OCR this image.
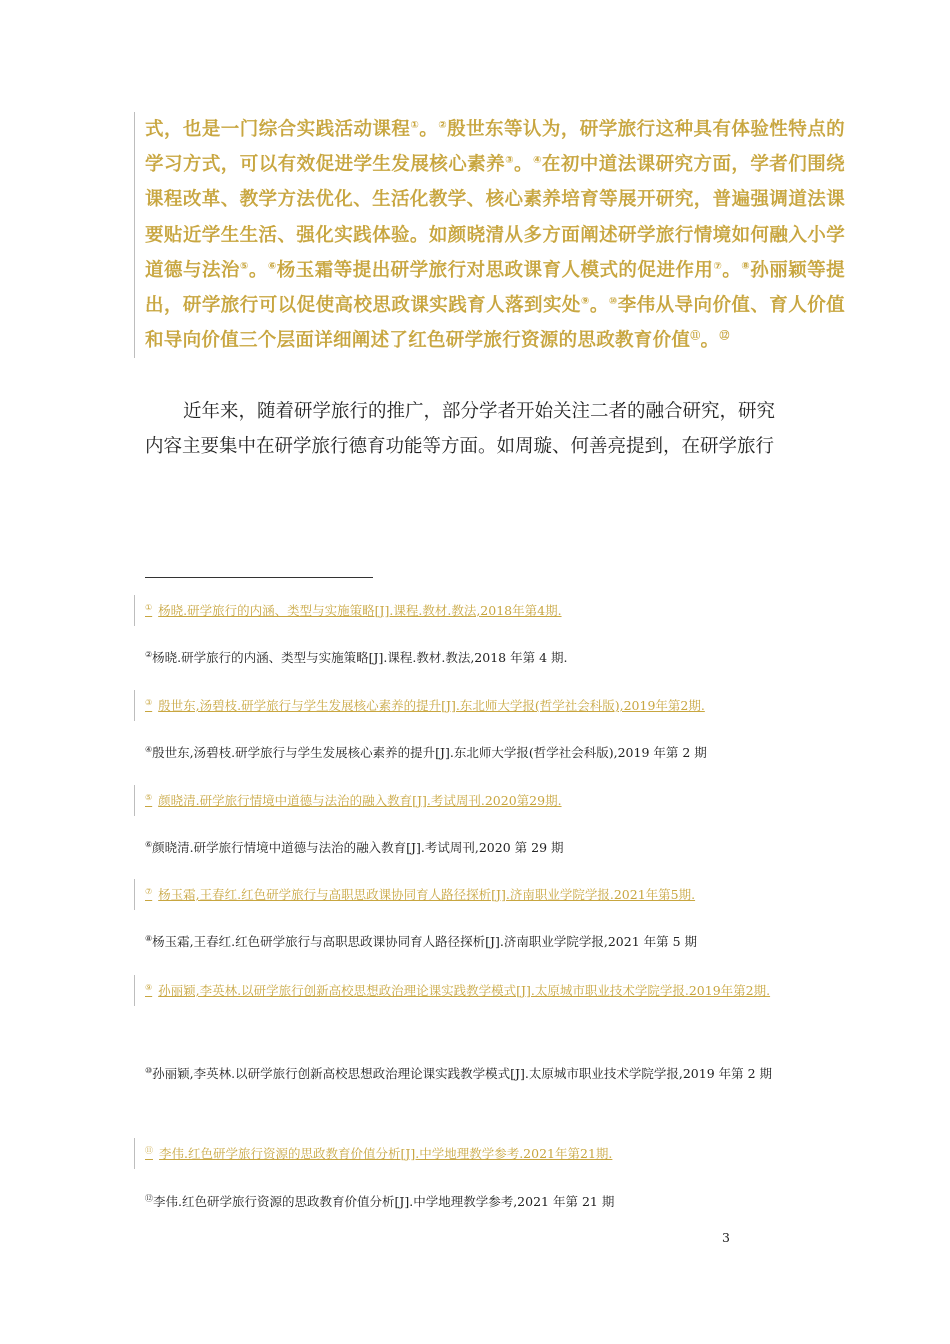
式，也是一门综合实践活动课程①。②殷世东等认为，研学旅行这种具有体验性特点的学习方式，可以有效促进学生发展核心素养③。④在初中道法课研究方面，学者们围绕课程改革、教学方法优化、生活化教学、核心素养培育等展开研究，普遍强调道法课要贴近学生生活、强化实践体验。如颜晓清从多方面阐述研学旅行情境如何融入小学道德与法治⑤。⑥杨玉霜等提出研学旅行对思政课育人模式的促进作用⑦。⑧孙丽颖等提出，研学旅行可以促使高校思政课实践育人落到实处⑨。⑩李伟从导向价值、育人价值和导向价值三个层面详细阐述了红色研学旅行资源的思政教育价值⑪。⑫
近年来，随着研学旅行的推广，部分学者开始关注二者的融合研究，研究
内容主要集中在研学旅行德育功能等方面。如周璇、何善亮提到，在研学旅行
① 杨晓.研学旅行的内涵、类型与实施策略[J].课程.教材.教法,2018年第4期.
②杨晓.研学旅行的内涵、类型与实施策略[J].课程.教材.教法,2018 年第 4 期.
③ 殷世东,汤碧枝.研学旅行与学生发展核心素养的提升[J].东北师大学报(哲学社会科版),2019年第2期.
④殷世东,汤碧枝.研学旅行与学生发展核心素养的提升[J].东北师大学报(哲学社会科版),2019 年第 2 期
⑤ 颜晓清.研学旅行情境中道德与法治的融入教育[J].考试周刊.2020第29期.
⑥颜晓清.研学旅行情境中道德与法治的融入教育[J].考试周刊,2020 第 29 期
⑦ 杨玉霜,王春红.红色研学旅行与高职思政课协同育人路径探析[J].济南职业学院学报.2021年第5期.
⑧杨玉霜,王春红.红色研学旅行与高职思政课协同育人路径探析[J].济南职业学院学报,2021 年第 5 期
⑨ 孙丽颖,李英林.以研学旅行创新高校思想政治理论课实践教学模式[J].太原城市职业技术学院学报.2019年第2期.
⑩孙丽颖,李英林.以研学旅行创新高校思想政治理论课实践教学模式[J].太原城市职业技术学院学报,2019 年第 2 期
⑪ 李伟.红色研学旅行资源的思政教育价值分析[J].中学地理教学参考.2021年第21期.
⑫李伟.红色研学旅行资源的思政教育价值分析[J].中学地理教学参考,2021 年第 21 期
3
